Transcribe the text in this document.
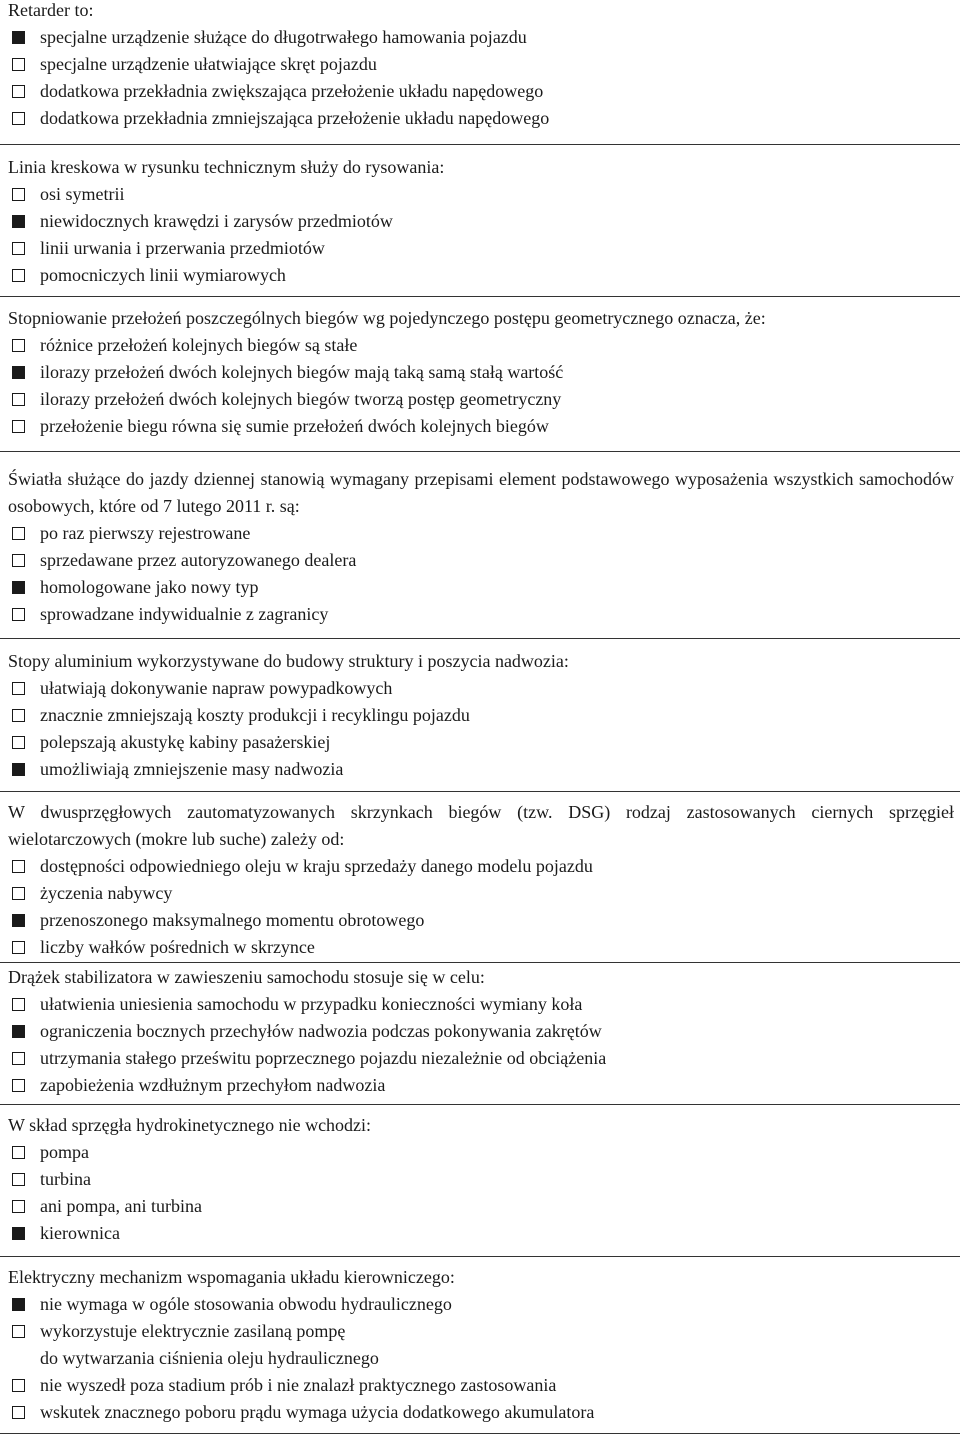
Retarder to:
specjalne urządzenie służące do długotrwałego hamowania pojazdu
specjalne urządzenie ułatwiające skręt pojazdu
dodatkowa przekładnia zwiększająca przełożenie układu napędowego
dodatkowa przekładnia zmniejszająca przełożenie układu napędowego
Linia kreskowa w rysunku technicznym służy do rysowania:
osi symetrii
niewidocznych krawędzi i zarysów przedmiotów
linii urwania i przerwania przedmiotów
pomocniczych linii wymiarowych
Stopniowanie przełożeń poszczególnych biegów wg pojedynczego postępu geometrycznego oznacza, że:
różnice przełożeń kolejnych biegów są stałe
ilorazy przełożeń dwóch kolejnych biegów mają taką samą stałą wartość
ilorazy przełożeń dwóch kolejnych biegów tworzą postęp geometryczny
przełożenie biegu równa się sumie przełożeń dwóch kolejnych biegów
Światła służące do jazdy dziennej stanowią wymagany przepisami element podstawowego wyposażenia wszystkich samochodów osobowych, które od 7 lutego 2011 r. są:
po raz pierwszy rejestrowane
sprzedawane przez autoryzowanego dealera
homologowane jako nowy typ
sprowadzane indywidualnie z zagranicy
Stopy aluminium wykorzystywane do budowy struktury i poszycia nadwozia:
ułatwiają dokonywanie napraw powypadkowych
znacznie zmniejszają koszty produkcji i recyklingu pojazdu
polepszają akustykę kabiny pasażerskiej
umożliwiają zmniejszenie masy nadwozia
W dwusprzęgłowych zautomatyzowanych skrzynkach biegów (tzw. DSG) rodzaj zastosowanych ciernych sprzęgieł wielotarczowych (mokre lub suche) zależy od:
dostępności odpowiedniego oleju w kraju sprzedaży danego modelu pojazdu
życzenia nabywcy
przenoszonego maksymalnego momentu obrotowego
liczby wałków pośrednich w skrzynce
Drążek stabilizatora w zawieszeniu samochodu stosuje się w celu:
ułatwienia uniesienia samochodu w przypadku konieczności wymiany koła
ograniczenia bocznych przechyłów nadwozia podczas pokonywania zakrętów
utrzymania stałego prześwitu poprzecznego pojazdu niezależnie od obciążenia
zapobieżenia wzdłużnym przechyłom nadwozia
W skład sprzęgła hydrokinetycznego nie wchodzi:
pompa
turbina
ani pompa, ani turbina
kierownica
Elektryczny mechanizm wspomagania układu kierowniczego:
nie wymaga w ogóle stosowania obwodu hydraulicznego
wykorzystuje elektrycznie zasilaną pompę
do wytwarzania ciśnienia oleju hydraulicznego
nie wyszedł poza stadium prób i nie znalazł praktycznego zastosowania
wskutek znacznego poboru prądu wymaga użycia dodatkowego akumulatora
